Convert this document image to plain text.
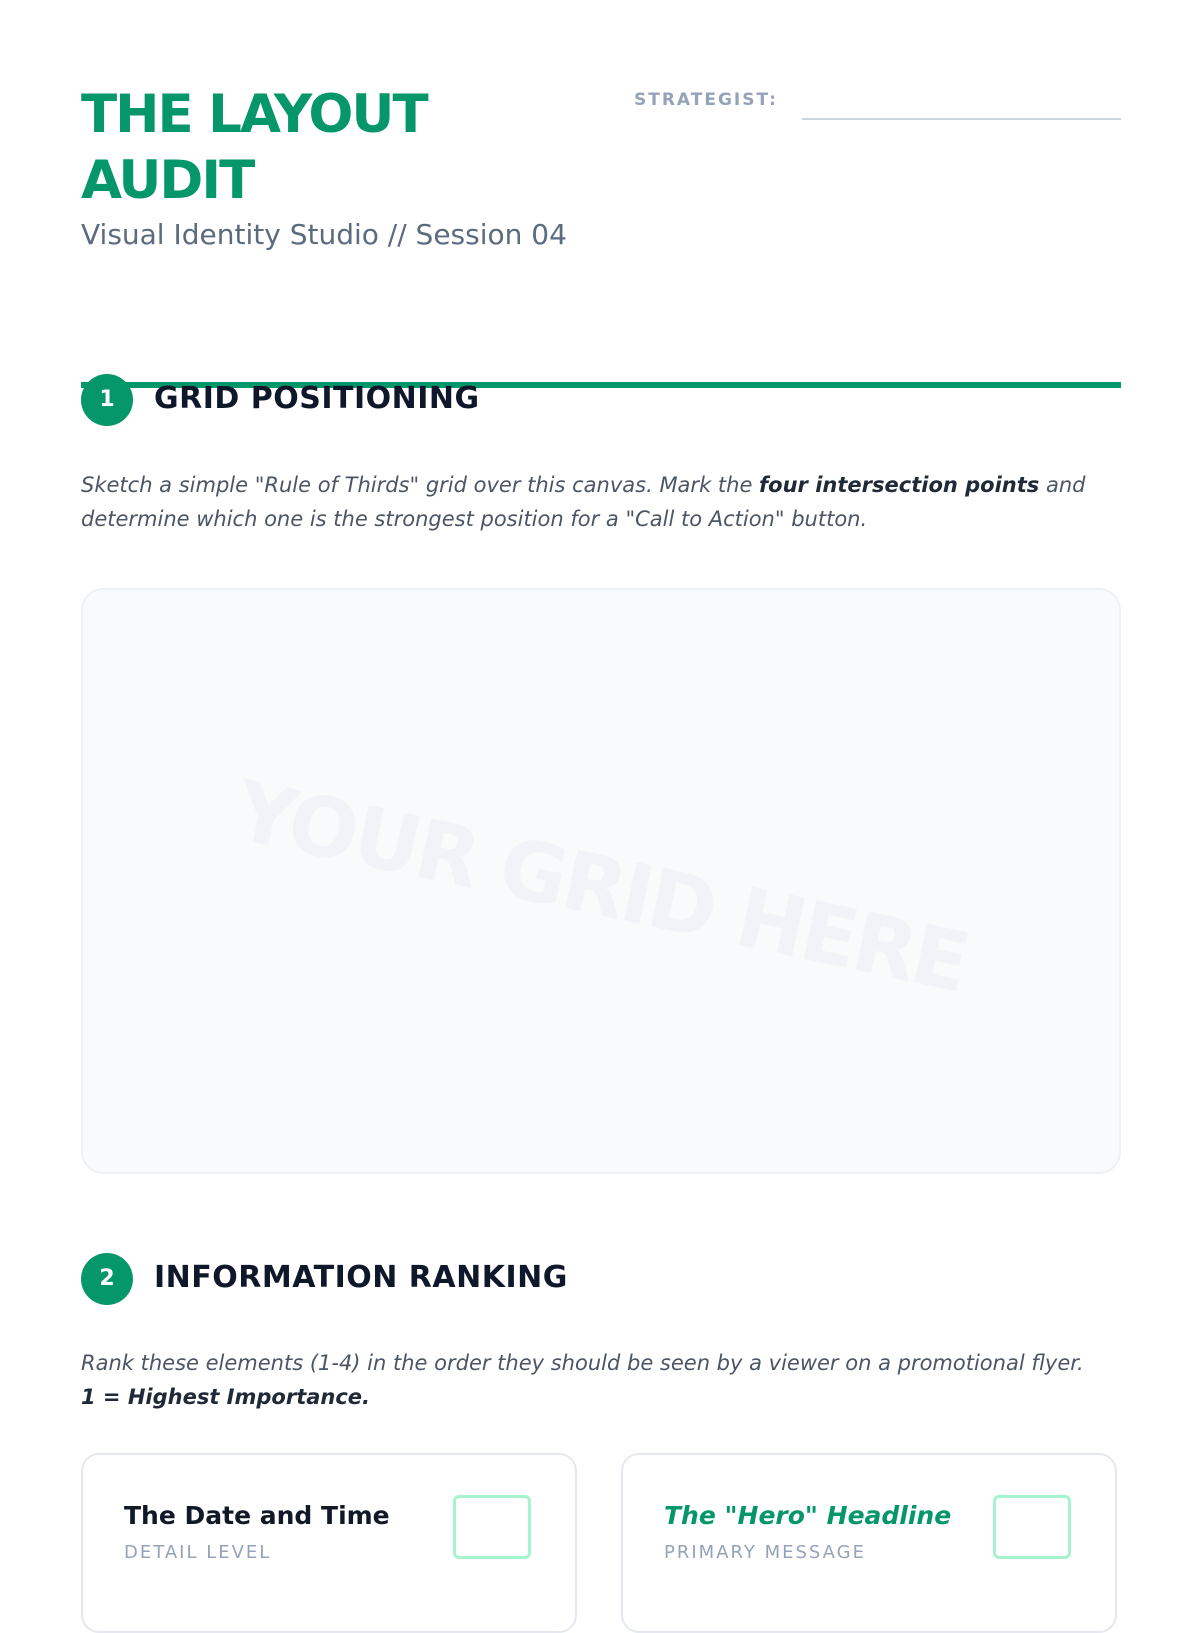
THE LAYOUT AUDIT
Visual Identity Studio // Session 04
STRATEGIST:
1	GRID POSITIONING

Sketch a simple "Rule of Thirds" grid over this canvas. Mark the four intersection points and determine which one is the strongest position for a "Call to Action" button.

YOUR GRID HERE
2	INFORMATION RANKING

Rank these elements (1-4) in the order they should be seen by a viewer on a promotional flyer.
1 = Highest Importance.

The Date and Time
DETAIL LEVEL
The "Hero" Headline
PRIMARY MESSAGE
